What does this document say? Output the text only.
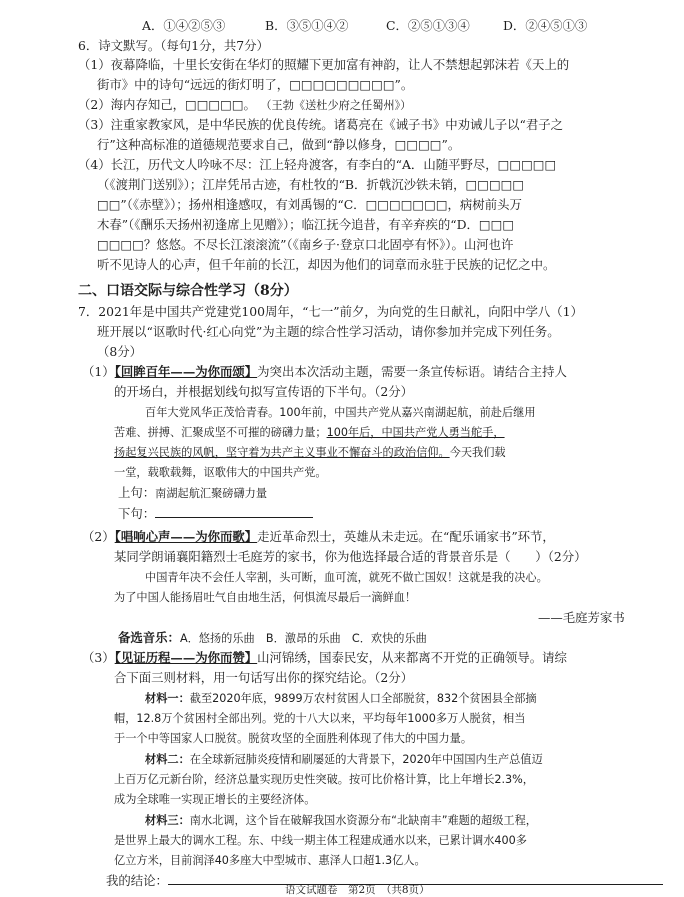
A．①④②⑤③	B．③⑤①④②	C．②⑤①③④	D．②④⑤①③
6．诗文默写。（每句1分，共7分）
（1）夜幕降临，十里长安街在华灯的照耀下更加富有神韵，让人不禁想起郭沫若《天上的
街市》中的诗句“远远的街灯明了，□□□□□□□□□”。
（2）海内存知己，□□□□□。 （王勃《送杜少府之任蜀州》）
（3）注重家教家风，是中华民族的优良传统。诸葛亮在《诫子书》中劝诫儿子以“君子之
行”这种高标准的道德规范要求自己，做到“静以修身，□□□□”。
（4）长江，历代文人吟咏不尽：江上轻舟渡客，有李白的“A．山随平野尽，□□□□□
（《渡荆门送别》）；江岸凭吊古迹，有杜牧的“B．折戟沉沙铁未销，□□□□□
□□”（《赤壁》）；扬州相逢感叹，有刘禹锡的“C．□□□□□□□，病树前头万
木春”（《酬乐天扬州初逢席上见赠》）；临江抚今追昔，有辛弃疾的“D．□□□
□□□□？悠悠。不尽长江滚滚流”（《南乡子·登京口北固亭有怀》）。山河也许
听不见诗人的心声，但千年前的长江，却因为他们的词章而永驻于民族的记忆之中。
二、口语交际与综合性学习（8分）
7．2021年是中国共产党建党100周年，“七一”前夕，为向党的生日献礼，向阳中学八（1）
班开展以“讴歌时代·红心向党”为主题的综合性学习活动，请你参加并完成下列任务。
（8分）
（1）【回眸百年——为你而颂】为突出本次活动主题，需要一条宣传标语。请结合主持人
的开场白，并根据划线句拟写宣传语的下半句。（2分）
百年大党风华正茂恰青春。100年前，中国共产党从嘉兴南湖起航，前赴后继用
苦难、拼搏、汇聚成坚不可摧的磅礴力量；100年后，中国共产党人勇当舵手，
扬起复兴民族的风帆，坚守着为共产主义事业不懈奋斗的政治信仰。今天我们载
一堂，载歌载舞，讴歌伟大的中国共产党。
上句：南湖起航汇聚磅礴力量
下句：
（2）【唱响心声——为你而歌】走近革命烈士，英雄从未走远。在“配乐诵家书”环节，
某同学朗诵襄阳籍烈士毛庭芳的家书，你为他选择最合适的背景音乐是（　　）（2分）
中国青年决不会任人宰割，头可断，血可流，就死不做亡国奴！这就是我的决心。
为了中国人能扬眉吐气自由地生活，何惧流尽最后一滴鲜血！
——毛庭芳家书
备选音乐：A．悠扬的乐曲　B．激昂的乐曲　C．欢快的乐曲
（3）【见证历程——为你而赞】山河锦绣，国泰民安，从来都离不开党的正确领导。请综
合下面三则材料，用一句话写出你的探究结论。（2分）
材料一：截至2020年底，9899万农村贫困人口全部脱贫，832个贫困县全部摘
帽，12.8万个贫困村全部出列。党的十八大以来，平均每年1000多万人脱贫，相当
于一个中等国家人口脱贫。脱贫攻坚的全面胜利体现了伟大的中国力量。
材料二：在全球新冠肺炎疫情和刷屡延的大背景下，2020年中国国内生产总值迈
上百万亿元新台阶，经济总量实现历史性突破。按可比价格计算，比上年增长2.3%，
成为全球唯一实现正增长的主要经济体。
材料三：南水北调，这个旨在破解我国水资源分布“北缺南丰”难题的超级工程，
是世界上最大的调水工程。东、中线一期主体工程建成通水以来，已累计调水400多
亿立方米，目前润泽40多座大中型城市、惠泽人口超1.3亿人。
我的结论：
语文试题卷　第2页　（共8页）
